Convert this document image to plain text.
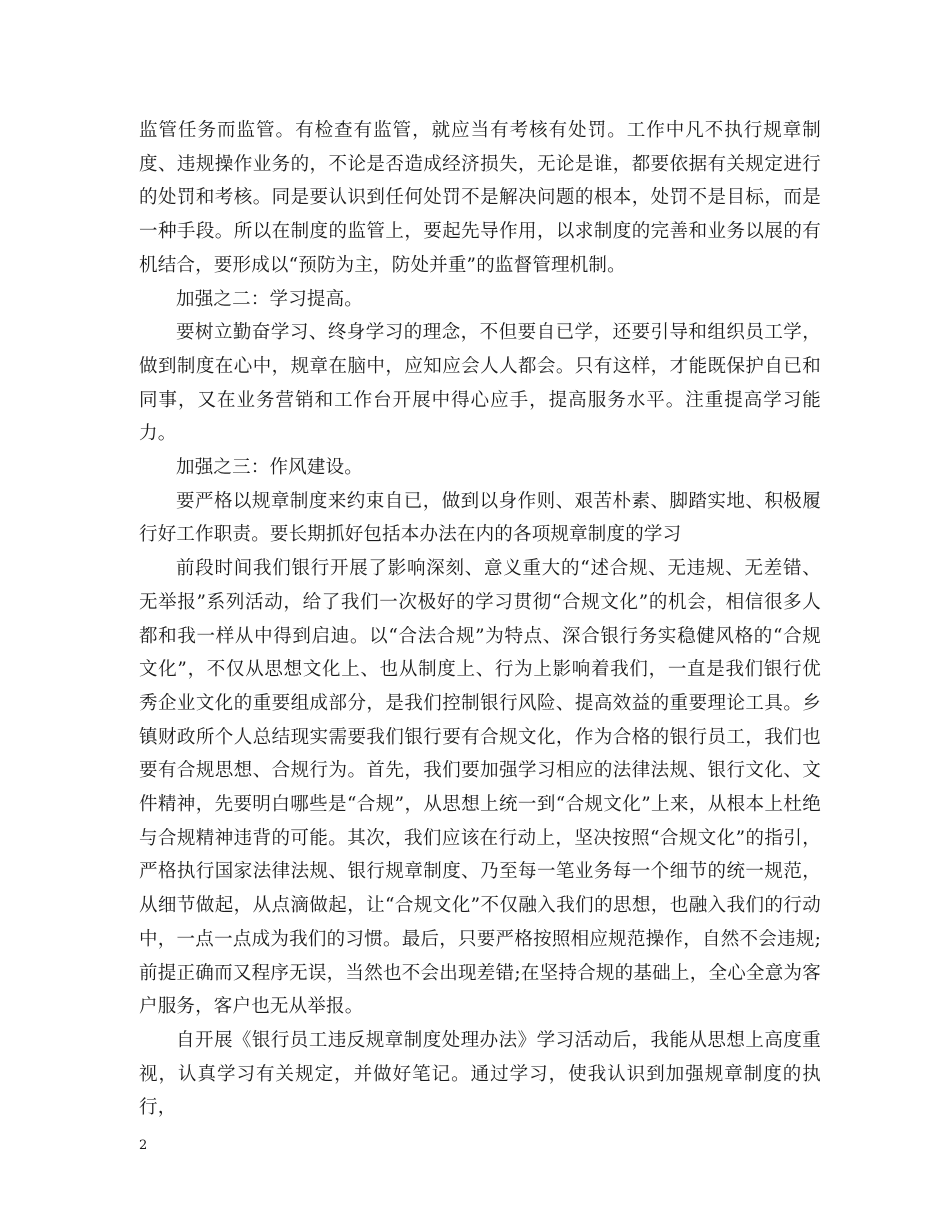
监管任务而监管。有检查有监管，就应当有考核有处罚。工作中凡不执行规章制度、违规操作业务的，不论是否造成经济损失，无论是谁，都要依据有关规定进行的处罚和考核。同是要认识到任何处罚不是解决问题的根本，处罚不是目标，而是一种手段。所以在制度的监管上，要起先导作用，以求制度的完善和业务以展的有机结合，要形成以“预防为主，防处并重”的监督管理机制。

加强之二：学习提高。

要树立勤奋学习、终身学习的理念，不但要自已学，还要引导和组织员工学，做到制度在心中，规章在脑中，应知应会人人都会。只有这样，才能既保护自已和同事，又在业务营销和工作台开展中得心应手，提高服务水平。注重提高学习能力。

加强之三：作风建设。

要严格以规章制度来约束自已，做到以身作则、艰苦朴素、脚踏实地、积极履行好工作职责。要长期抓好包括本办法在内的各项规章制度的学习

前段时间我们银行开展了影响深刻、意义重大的“述合规、无违规、无差错、无举报”系列活动，给了我们一次极好的学习贯彻“合规文化”的机会，相信很多人都和我一样从中得到启迪。以“合法合规”为特点、深合银行务实稳健风格的“合规文化”，不仅从思想文化上、也从制度上、行为上影响着我们，一直是我们银行优秀企业文化的重要组成部分，是我们控制银行风险、提高效益的重要理论工具。乡镇财政所个人总结现实需要我们银行要有合规文化，作为合格的银行员工，我们也要有合规思想、合规行为。首先，我们要加强学习相应的法律法规、银行文化、文件精神，先要明白哪些是“合规”，从思想上统一到“合规文化”上来，从根本上杜绝与合规精神违背的可能。其次，我们应该在行动上，坚决按照“合规文化”的指引，严格执行国家法律法规、银行规章制度、乃至每一笔业务每一个细节的统一规范，从细节做起，从点滴做起，让“合规文化”不仅融入我们的思想，也融入我们的行动中，一点一点成为我们的习惯。最后，只要严格按照相应规范操作，自然不会违规;前提正确而又程序无误，当然也不会出现差错;在坚持合规的基础上，全心全意为客户服务，客户也无从举报。

自开展《银行员工违反规章制度处理办法》学习活动后，我能从思想上高度重视，认真学习有关规定，并做好笔记。通过学习，使我认识到加强规章制度的执行，

2
